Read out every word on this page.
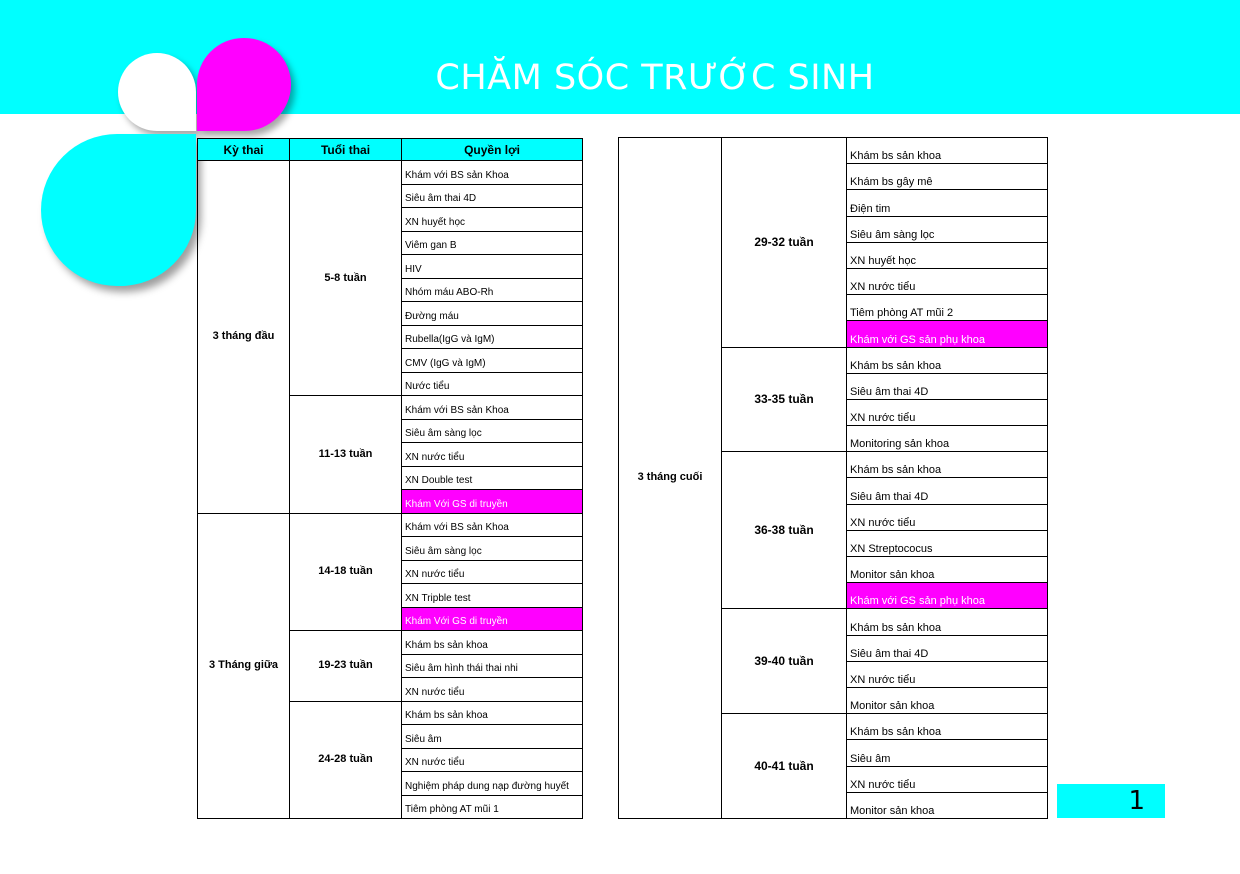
CHĂM SÓC TRƯỚC SINH
Kỳ thai	Tuổi thai	Quyền lợi
3 tháng đầu	5-8 tuần	Khám với BS sản Khoa
		Siêu âm thai 4D
		XN huyết học
		Viêm gan B
		HIV
		Nhóm máu ABO-Rh
		Đường máu
		Rubella(IgG và IgM)
		CMV (IgG và IgM)
		Nước tiểu
	11-13 tuần	Khám với BS sản Khoa
		Siêu âm sàng lọc
		XN nước tiểu
		XN Double test
		Khám Với GS di truyền
3 Tháng giữa	14-18 tuần	Khám với BS sản Khoa
		Siêu âm sàng lọc
		XN nước tiểu
		XN Tripble test
		Khám Với GS di truyền
	19-23 tuần	Khám bs sản khoa
		Siêu âm hình thái thai nhi
		XN nước tiểu
	24-28 tuần	Khám bs sản khoa
		Siêu âm
		XN nước tiểu
		Nghiệm pháp dung nạp đường huyết
		Tiêm phòng AT mũi 1
3 tháng cuối	29-32 tuần	Khám bs sản khoa
		Khám bs gây mê
		Điện tim
		Siêu âm sàng lọc
		XN huyết học
		XN nước tiểu
		Tiêm phòng AT mũi 2
		Khám với GS sản phụ khoa
	33-35 tuần	Khám bs sản khoa
		Siêu âm thai 4D
		XN nước tiểu
		Monitoring sản khoa
	36-38 tuần	Khám bs sản khoa
		Siêu âm thai 4D
		XN nước tiểu
		XN Streptococus
		Monitor sản khoa
		Khám với GS sản phụ khoa
	39-40 tuần	Khám bs sản khoa
		Siêu âm thai 4D
		XN nước tiểu
		Monitor sản khoa
	40-41 tuần	Khám bs sản khoa
		Siêu âm
		XN nước tiểu
		Monitor sản khoa	1
